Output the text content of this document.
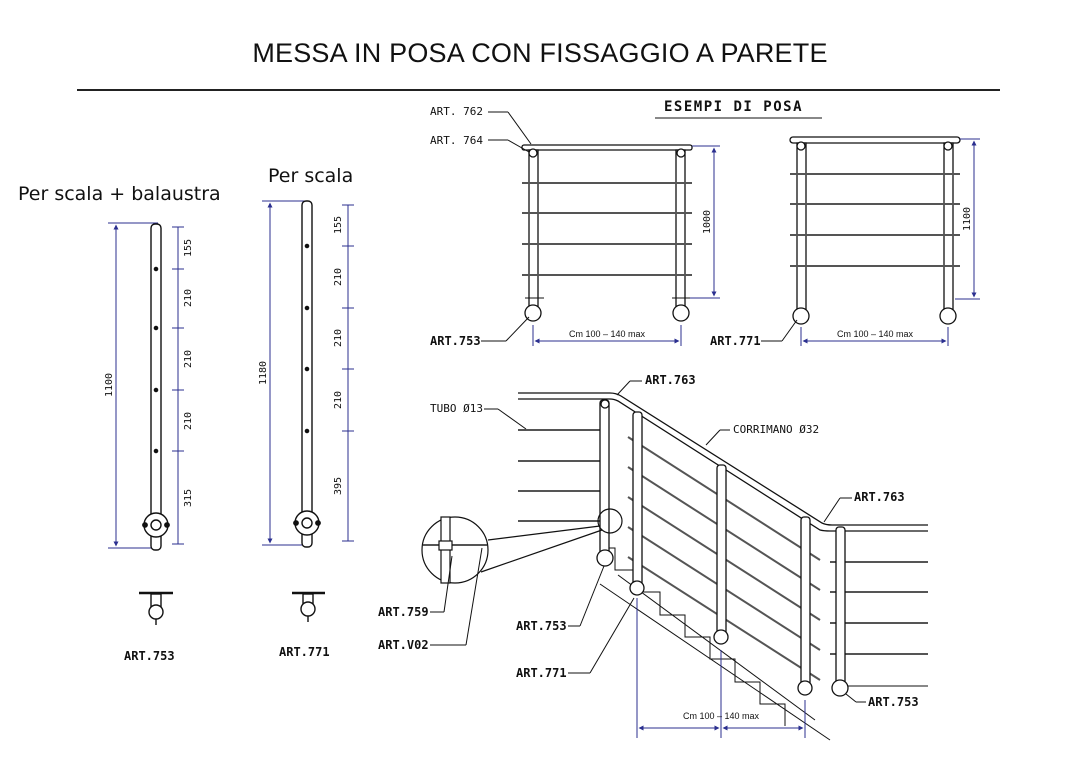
MESSA IN POSA CON FISSAGGIO A PARETE
Per scala + balaustra
Per scala
1100
155
210
210
210
315
ART.753
1180
155
210
210
210
395
ART.771
ESEMPI DI POSA
1000
Cm 100 – 140 max
ART. 762
ART. 764
ART.753
1100
Cm 100 – 140 max
ART.771
Cm 100 – 140 max
ART.763
TUBO Ø13
CORRIMANO Ø32
ART.763
ART.759
ART.V02
ART.753
ART.771
ART.753
